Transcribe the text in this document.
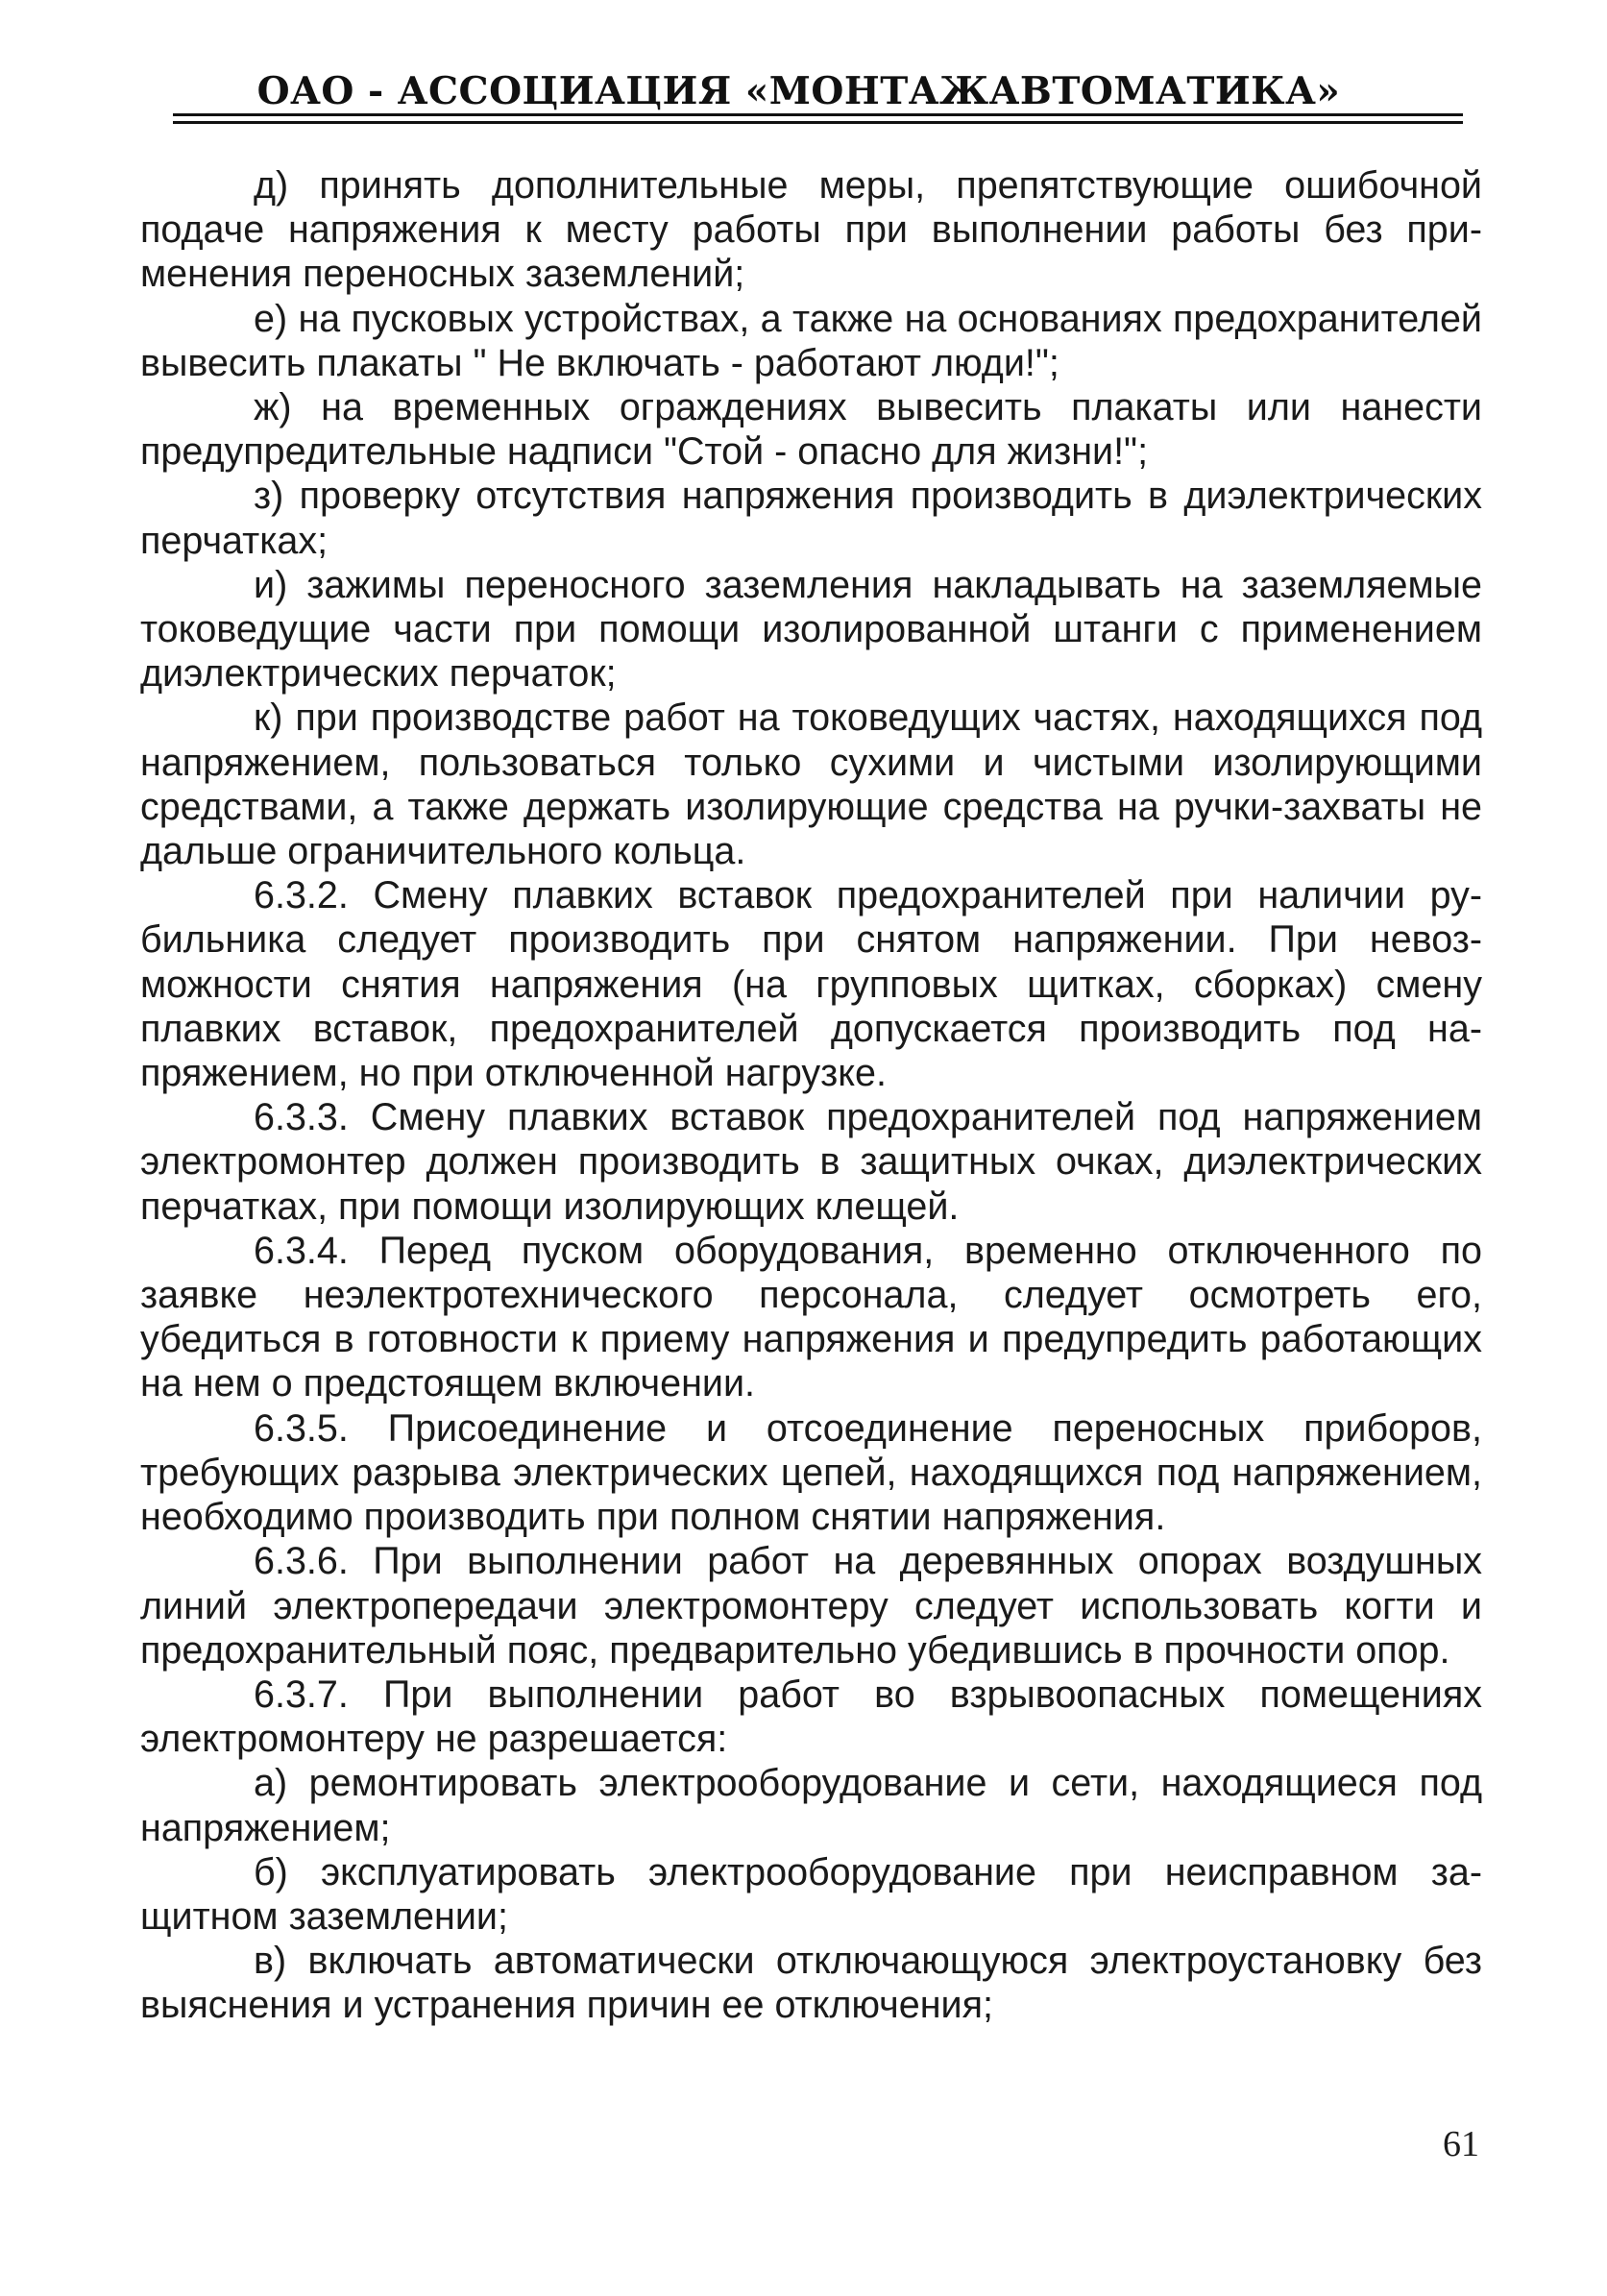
ОАО - АССОЦИАЦИЯ «МОНТАЖАВТОМАТИКА»

д) принять дополнительные меры, препятствующие ошибочной подаче напряжения к месту работы при выполнении работы без применения переносных заземлений;

е) на пусковых устройствах, а также на основаниях предохранителей вывесить плакаты " Не включать - работают люди!";

ж) на временных ограждениях вывесить плакаты или нанести предупредительные надписи "Стой - опасно для жизни!";

з) проверку отсутствия напряжения производить в диэлектрических перчатках;

и) зажимы переносного заземления накладывать на заземляемые токоведущие части при помощи изолированной штанги с применением диэлектрических перчаток;

к) при производстве работ на токоведущих частях, находящихся под напряжением, пользоваться только сухими и чистыми изолирующими средствами, а также держать изолирующие средства на ручки-захваты не дальше ограничительного кольца.

6.3.2. Смену плавких вставок предохранителей при наличии рубильника следует производить при снятом напряжении. При невозможности снятия напряжения (на групповых щитках, сборках) смену плавких вставок, предохранителей допускается производить под напряжением, но при отключенной нагрузке.

6.3.3. Смену плавких вставок предохранителей под напряжением электромонтер должен производить в защитных очках, диэлектрических перчатках, при помощи изолирующих клещей.

6.3.4. Перед пуском оборудования, временно отключенного по заявке неэлектротехнического персонала, следует осмотреть его, убедиться в готовности к приему напряжения и предупредить работающих на нем о предстоящем включении.

6.3.5. Присоединение и отсоединение переносных приборов, требующих разрыва электрических цепей, находящихся под напряжением, необходимо производить при полном снятии напряжения.

6.3.6. При выполнении работ на деревянных опорах воздушных линий электропередачи электромонтеру следует использовать когти и предохранительный пояс, предварительно убедившись в прочности опор.

6.3.7. При выполнении работ во взрывоопасных помещениях электромонтеру не разрешается:

а) ремонтировать электрооборудование и сети, находящиеся под напряжением;

б) эксплуатировать электрооборудование при неисправном защитном заземлении;

в) включать автоматически отключающуюся электроустановку без выяснения и устранения причин ее отключения;

61
